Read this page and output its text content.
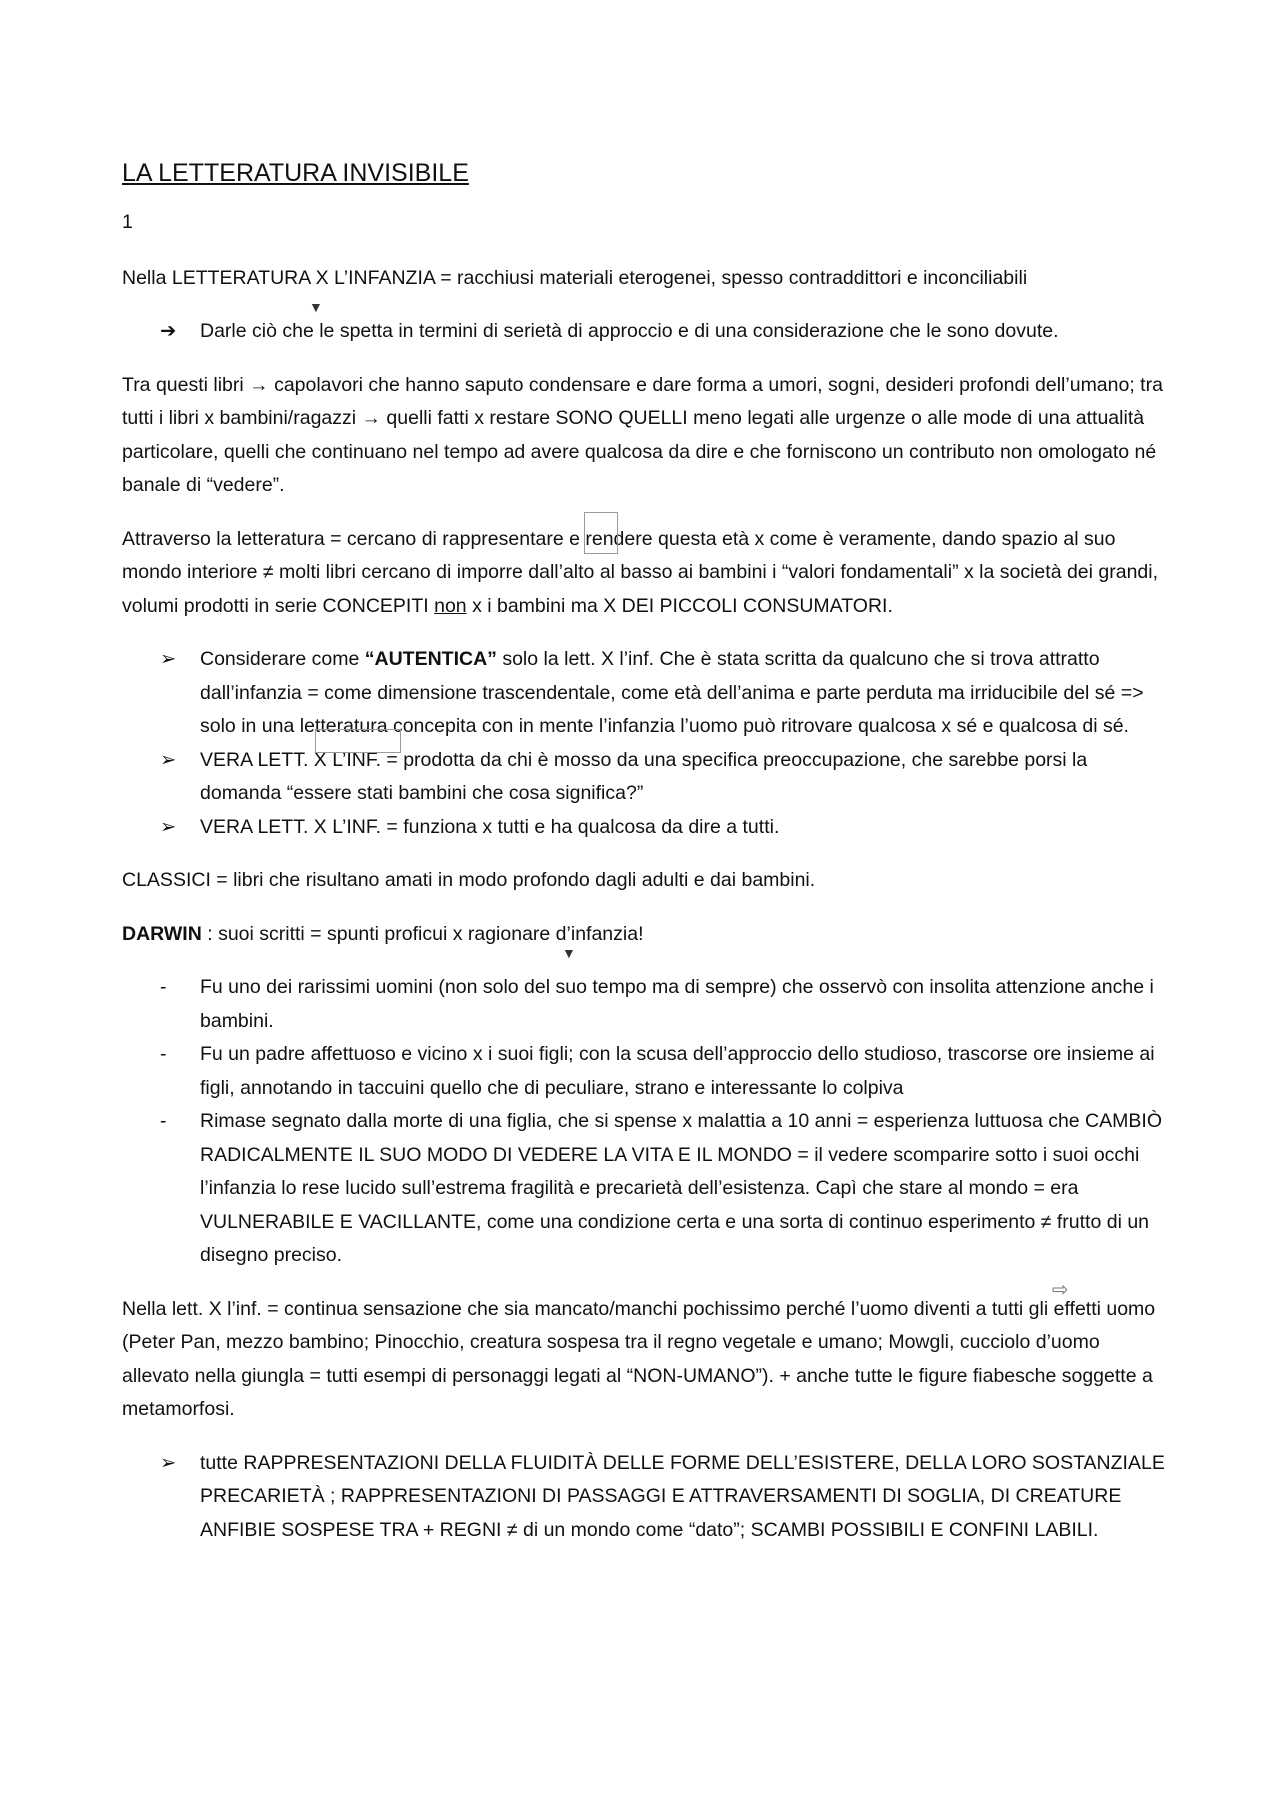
LA LETTERATURA INVISIBILE

1

Nella LETTERATURA X L’INFANZIA = racchiusi materiali eterogenei, spesso contraddittori e inconciliabili

➔ Darle ciò che le spetta in termini di serietà di approccio e di una considerazione che le sono dovute.

Tra questi libri → capolavori che hanno saputo condensare e dare forma a umori, sogni, desideri profondi dell’umano; tra tutti i libri x bambini/ragazzi → quelli fatti x restare SONO QUELLI meno legati alle urgenze o alle mode di una attualità particolare, quelli che continuano nel tempo ad avere qualcosa da dire e che forniscono un contributo non omologato né banale di “vedere”.

Attraverso la letteratura = cercano di rappresentare e rendere questa età x come è veramente, dando spazio al suo mondo interiore ≠ molti libri cercano di imporre dall’alto al basso ai bambini i “valori fondamentali” x la società dei grandi, volumi prodotti in serie CONCEPITI non x i bambini ma X DEI PICCOLI CONSUMATORI.

➢ Considerare come “AUTENTICA” solo la lett. X l’inf. Che è stata scritta da qualcuno che si trova attratto dall’infanzia = come dimensione trascendentale, come età dell’anima e parte perduta ma irriducibile del sé => solo in una letteratura concepita con in mente l’infanzia l’uomo può ritrovare qualcosa x sé e qualcosa di sé.
➢ VERA LETT. X L’INF. = prodotta da chi è mosso da una specifica preoccupazione, che sarebbe porsi la domanda “essere stati bambini che cosa significa?”
➢ VERA LETT. X L’INF. = funziona x tutti e ha qualcosa da dire a tutti.

CLASSICI = libri che risultano amati in modo profondo dagli adulti e dai bambini.

DARWIN : suoi scritti = spunti proficui x ragionare d’infanzia!

- Fu uno dei rarissimi uomini (non solo del suo tempo ma di sempre) che osservò con insolita attenzione anche i bambini.
- Fu un padre affettuoso e vicino x i suoi figli; con la scusa dell’approccio dello studioso, trascorse ore insieme ai figli, annotando in taccuini quello che di peculiare, strano e interessante lo colpiva
- Rimase segnato dalla morte di una figlia, che si spense x malattia a 10 anni = esperienza luttuosa che CAMBIÒ RADICALMENTE IL SUO MODO DI VEDERE LA VITA E IL MONDO = il vedere scomparire sotto i suoi occhi l’infanzia lo rese lucido sull’estrema fragilità e precarietà dell’esistenza. Capì che stare al mondo = era VULNERABILE E VACILLANTE, come una condizione certa e una sorta di continuo esperimento ≠ frutto di un disegno preciso.

Nella lett. X l’inf. = continua sensazione che sia mancato/manchi pochissimo perché l’uomo diventi a tutti gli effetti uomo (Peter Pan, mezzo bambino; Pinocchio, creatura sospesa tra il regno vegetale e umano; Mowgli, cucciolo d’uomo allevato nella giungla = tutti esempi di personaggi legati al “NON-UMANO”). + anche tutte le figure fiabesche soggette a metamorfosi.

➢ tutte RAPPRESENTAZIONI DELLA FLUIDITÀ DELLE FORME DELL’ESISTERE, DELLA LORO SOSTANZIALE PRECARIETÀ ; RAPPRESENTAZIONI DI PASSAGGI E ATTRAVERSAMENTI DI SOGLIA, DI CREATURE ANFIBIE SOSPESE TRA + REGNI ≠ di un mondo come “dato”; SCAMBI POSSIBILI E CONFINI LABILI.
▼
▼
⇨
